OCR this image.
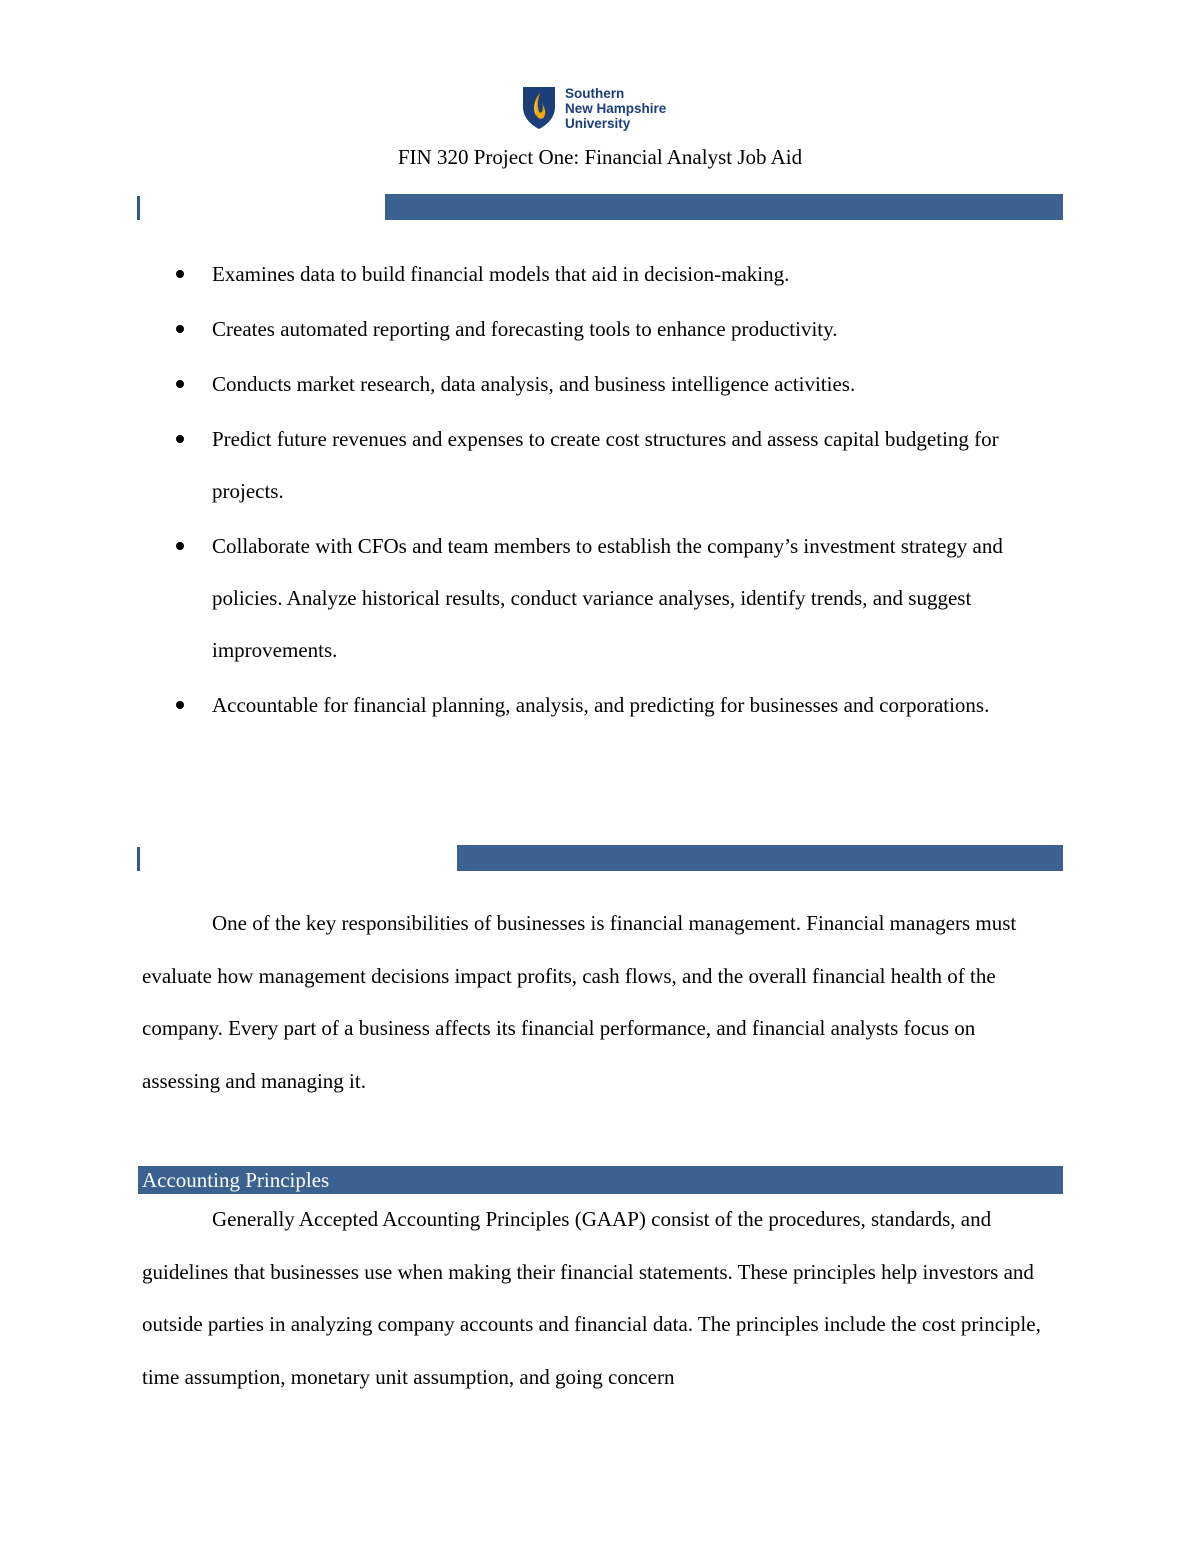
Southern
New Hampshire
University
FIN 320 Project One: Financial Analyst Job Aid
Examines data to build financial models that aid in decision-making.
Creates automated reporting and forecasting tools to enhance productivity.
Conducts market research, data analysis, and business intelligence activities.
Predict future revenues and expenses to create cost structures and assess capital budgeting for projects.
Collaborate with CFOs and team members to establish the company’s investment strategy and policies. Analyze historical results, conduct variance analyses, identify trends, and suggest improvements.
Accountable for financial planning, analysis, and predicting for businesses and corporations.

One of the key responsibilities of businesses is financial management. Financial managers must evaluate how management decisions impact profits, cash flows, and the overall financial health of the company. Every part of a business affects its financial performance, and financial analysts focus on assessing and managing it.

Accounting Principles

Generally Accepted Accounting Principles (GAAP) consist of the procedures, standards, and guidelines that businesses use when making their financial statements. These principles help investors and outside parties in analyzing company accounts and financial data. The principles include the cost principle, time assumption, monetary unit assumption, and going concern
